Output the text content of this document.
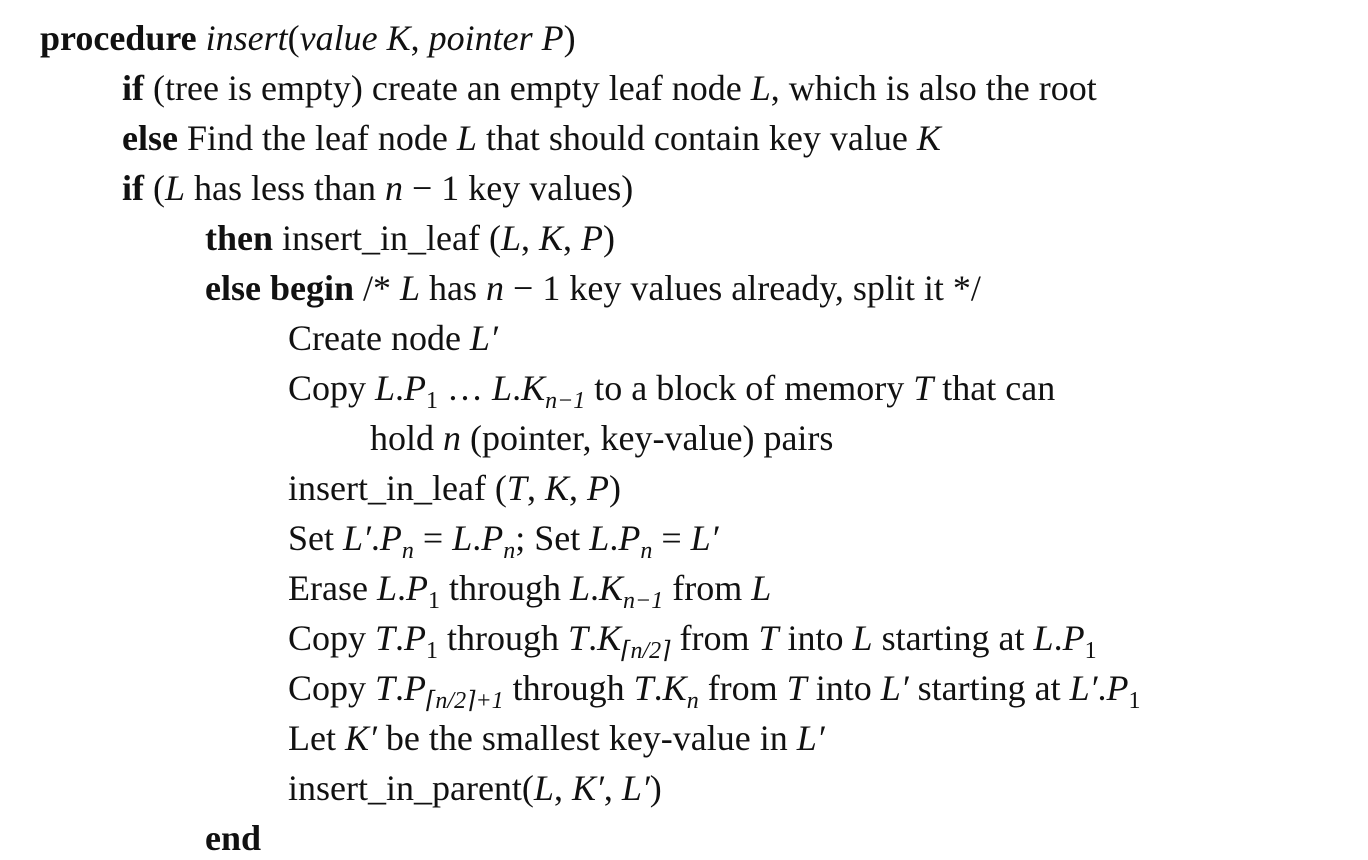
procedure insert(value K, pointer P)
if (tree is empty) create an empty leaf node L, which is also the root
else Find the leaf node L that should contain key value K
if (L has less than n − 1 key values)
then insert_in_leaf (L, K, P)
else begin /* L has n − 1 key values already, split it */
Create node L′
Copy $L.P_1$ … $L.K_{n-1}$ to a block of memory T that can
hold n (pointer, key-value) pairs
insert_in_leaf (T, K, P)
Set $L'.P_n = L.P_n$; Set $L.P_n = L'$
Erase $L.P_1$ through $L.K_{n-1}$ from L
Copy $T.P_1$ through $T.K_{⌈n/2⌉}$ from T into L starting at $L.P_1$
Copy $T.P_{⌈n/2⌉+1}$ through $T.K_n$ from T into L′ starting at $L'.P_1$
Let K′ be the smallest key-value in L′
insert_in_parent(L, K′, L′)
end
